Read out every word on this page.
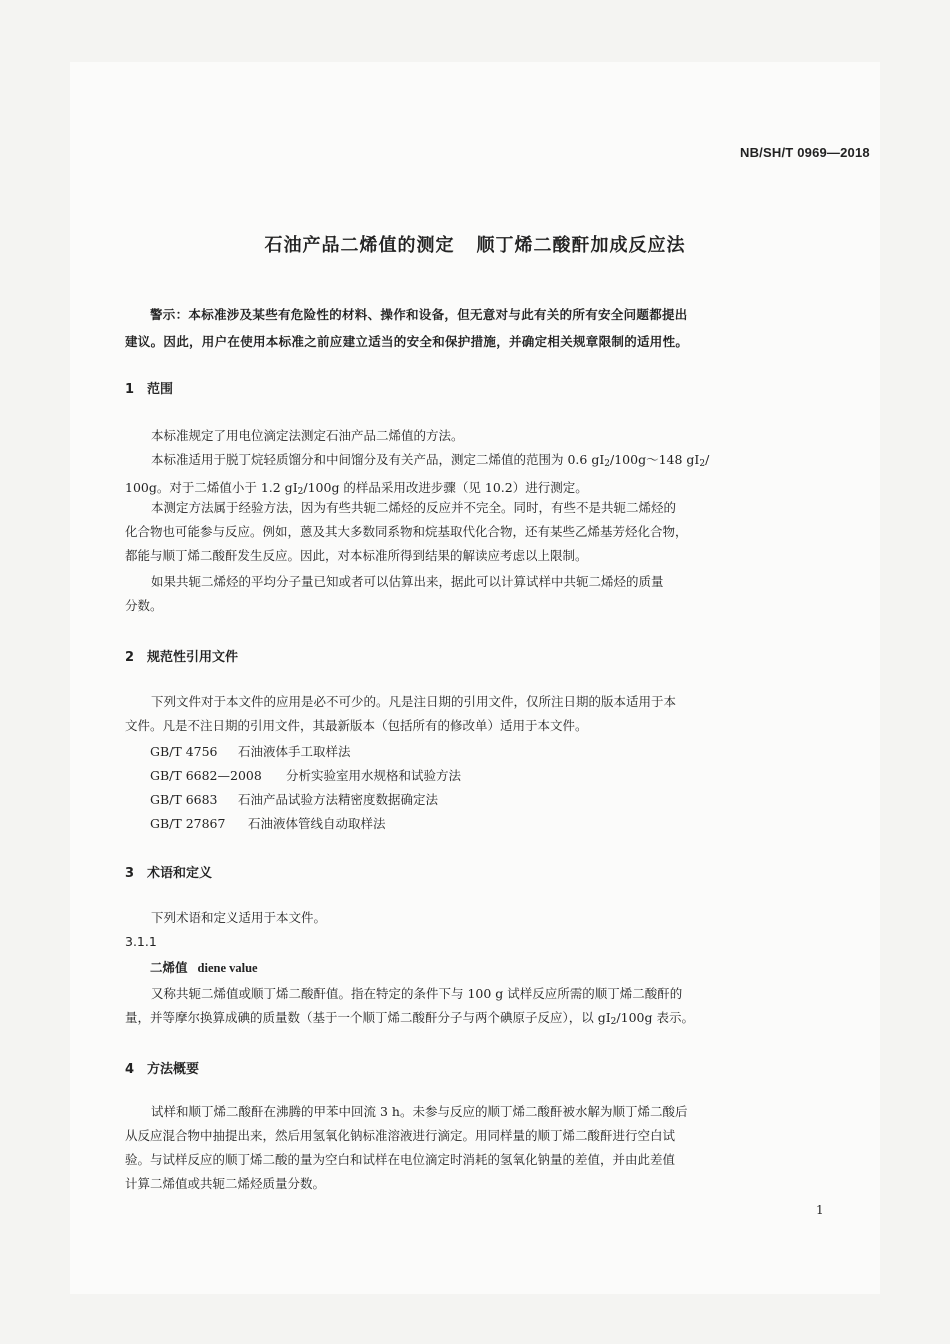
NB/SH/T 0969—2018
石油产品二烯值的测定 顺丁烯二酸酐加成反应法
警示：本标准涉及某些有危险性的材料、操作和设备，但无意对与此有关的所有安全问题都提出
建议。因此，用户在使用本标准之前应建立适当的安全和保护措施，并确定相关规章限制的适用性。
1 范围
本标准规定了用电位滴定法测定石油产品二烯值的方法。
本标准适用于脱丁烷轻质馏分和中间馏分及有关产品，测定二烯值的范围为 0.6 $gI_2/100g\sim 148$ $gI_2/$
100g。对于二烯值小于 1.2 $gI_2/100g$ 的样品采用改进步骤（见 10.2）进行测定。
本测定方法属于经验方法，因为有些共轭二烯烃的反应并不完全。同时，有些不是共轭二烯烃的
化合物也可能参与反应。例如，蒽及其大多数同系物和烷基取代化合物，还有某些乙烯基芳烃化合物，
都能与顺丁烯二酸酐发生反应。因此，对本标准所得到结果的解读应考虑以上限制。
如果共轭二烯烃的平均分子量已知或者可以估算出来，据此可以计算试样中共轭二烯烃的质量
分数。
2 规范性引用文件
下列文件对于本文件的应用是必不可少的。凡是注日期的引用文件，仅所注日期的版本适用于本
文件。凡是不注日期的引用文件，其最新版本（包括所有的修改单）适用于本文件。
GB/T 4756 石油液体手工取样法
GB/T 6682—2008 分析实验室用水规格和试验方法
GB/T 6683 石油产品试验方法精密度数据确定法
GB/T 27867 石油液体管线自动取样法
3 术语和定义
下列术语和定义适用于本文件。
3.1.1
二烯值 diene value
又称共轭二烯值或顺丁烯二酸酐值。指在特定的条件下与 100 g 试样反应所需的顺丁烯二酸酐的
量，并等摩尔换算成碘的质量数（基于一个顺丁烯二酸酐分子与两个碘原子反应），以 $gI_2/100g$ 表示。
4 方法概要
试样和顺丁烯二酸酐在沸腾的甲苯中回流 3 h。未参与反应的顺丁烯二酸酐被水解为顺丁烯二酸后
从反应混合物中抽提出来，然后用氢氧化钠标准溶液进行滴定。用同样量的顺丁烯二酸酐进行空白试
验。与试样反应的顺丁烯二酸的量为空白和试样在电位滴定时消耗的氢氧化钠量的差值，并由此差值
计算二烯值或共轭二烯烃质量分数。
1
